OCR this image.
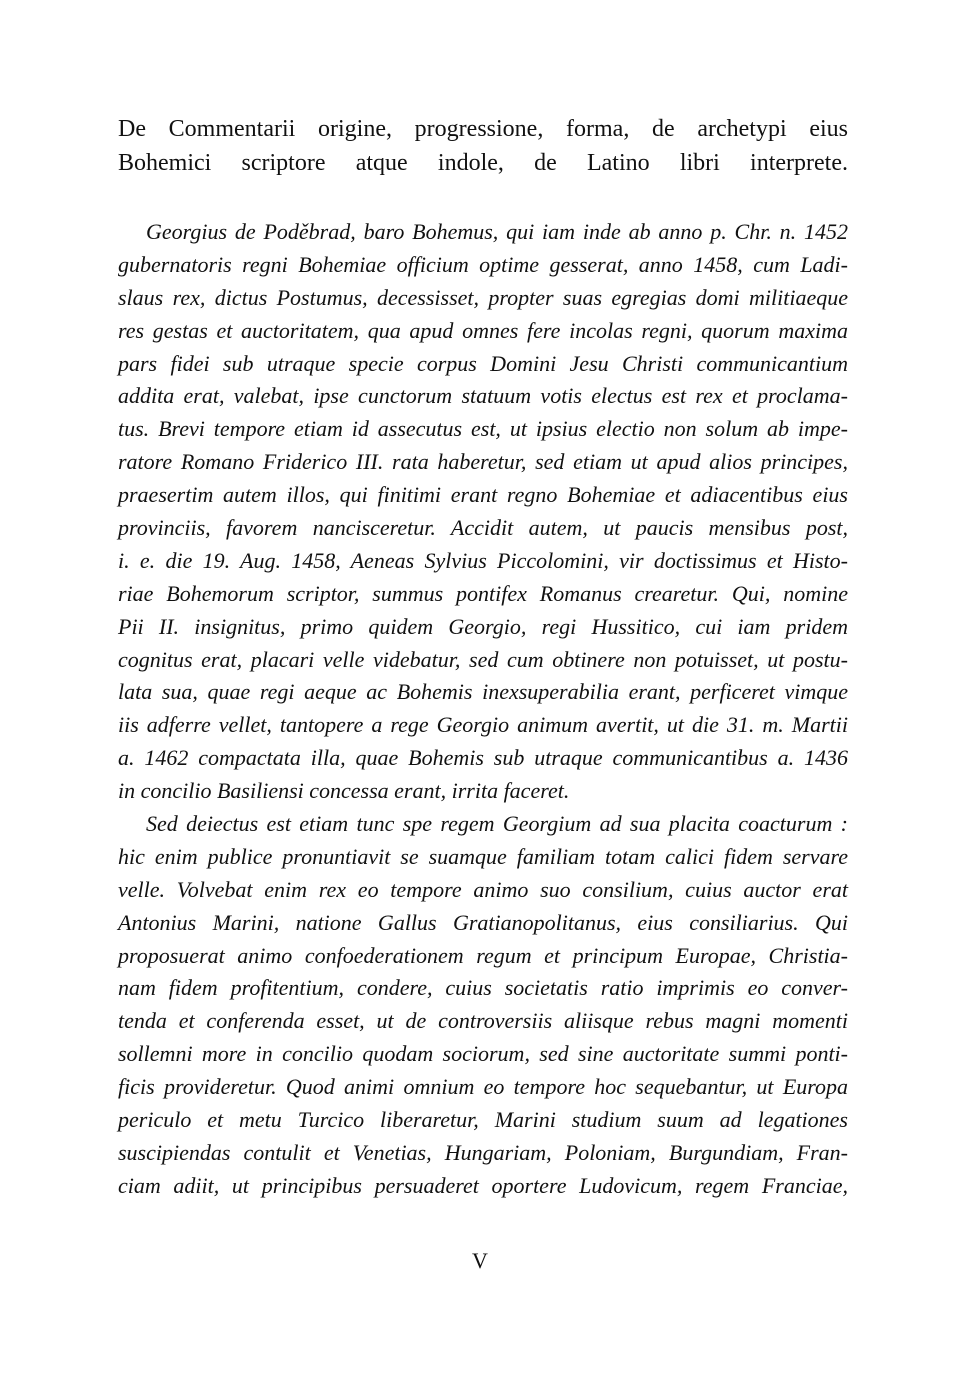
De Commentarii origine, progressione, forma, de archetypi eius
Bohemici scriptore atque indole, de Latino libri interprete.
Georgius de Poděbrad, baro Bohemus, qui iam inde ab anno p. Chr. n. 1452
gubernatoris regni Bohemiae officium optime gesserat, anno 1458, cum Ladi-
slaus rex, dictus Postumus, decessisset, propter suas egregias domi militiaeque
res gestas et auctoritatem, qua apud omnes fere incolas regni, quorum maxima
pars fidei sub utraque specie corpus Domini Jesu Christi communicantium
addita erat, valebat, ipse cunctorum statuum votis electus est rex et proclama-
tus. Brevi tempore etiam id assecutus est, ut ipsius electio non solum ab impe-
ratore Romano Friderico III. rata haberetur, sed etiam ut apud alios principes,
praesertim autem illos, qui finitimi erant regno Bohemiae et adiacentibus eius
provinciis, favorem nancisceretur. Accidit autem, ut paucis mensibus post,
i. e. die 19. Aug. 1458, Aeneas Sylvius Piccolomini, vir doctissimus et Histo-
riae Bohemorum scriptor, summus pontifex Romanus crearetur. Qui, nomine
Pii II. insignitus, primo quidem Georgio, regi Hussitico, cui iam pridem
cognitus erat, placari velle videbatur, sed cum obtinere non potuisset, ut postu-
lata sua, quae regi aeque ac Bohemis inexsuperabilia erant, perficeret vimque
iis adferre vellet, tantopere a rege Georgio animum avertit, ut die 31. m. Martii
a. 1462 compactata illa, quae Bohemis sub utraque communicantibus a. 1436
in concilio Basiliensi concessa erant, irrita faceret.
Sed deiectus est etiam tunc spe regem Georgium ad sua placita coacturum :
hic enim publice pronuntiavit se suamque familiam totam calici fidem servare
velle. Volvebat enim rex eo tempore animo suo consilium, cuius auctor erat
Antonius Marini, natione Gallus Gratianopolitanus, eius consiliarius. Qui
proposuerat animo confoederationem regum et principum Europae, Christia-
nam fidem profitentium, condere, cuius societatis ratio imprimis eo conver-
tenda et conferenda esset, ut de controversiis aliisque rebus magni momenti
sollemni more in concilio quodam sociorum, sed sine auctoritate summi ponti-
ficis provideretur. Quod animi omnium eo tempore hoc sequebantur, ut Europa
periculo et metu Turcico liberaretur, Marini studium suum ad legationes
suscipiendas contulit et Venetias, Hungariam, Poloniam, Burgundiam, Fran-
ciam adiit, ut principibus persuaderet oportere Ludovicum, regem Franciae,
V
